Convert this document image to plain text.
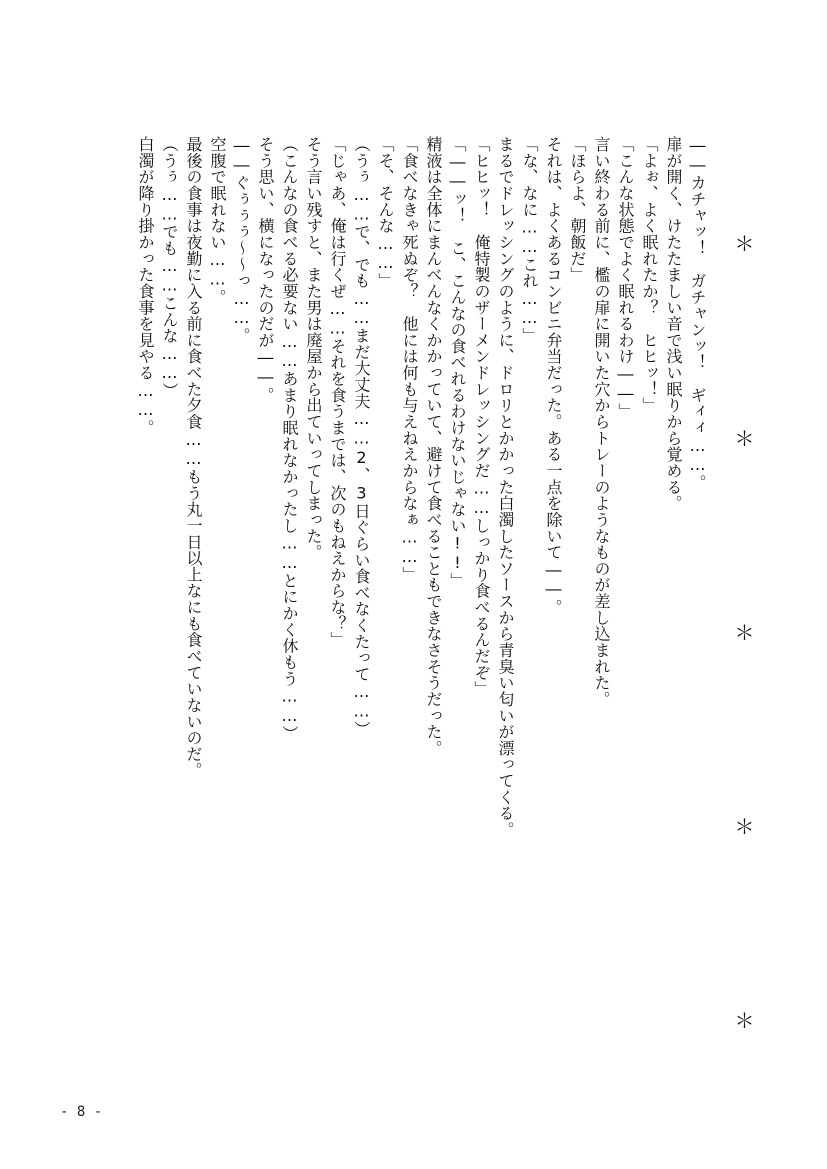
＊＊＊＊＊
――カチャッ！　ガチャンッ！　ギィィ……。
扉が開く、けたたましい音で浅い眠りから覚める。
「よぉ、よく眠れたか？　ヒヒッ！」
「こんな状態でよく眠れるわけ――」
言い終わる前に、檻の扉に開いた穴からトレーのようなものが差し込まれた。
「ほらよ、朝飯だ」
それは、よくあるコンビニ弁当だった。ある一点を除いて――。
「な、なに……これ……」
まるでドレッシングのように、ドロリとかかった白濁したソースから青臭い匂いが漂ってくる。
「ヒヒッ！　俺特製のザーメンドレッシングだ……しっかり食べるんだぞ」
「――ッ！　こ、こんなの食べれるわけないじゃない!!」
精液は全体にまんべんなくかかっていて、避けて食べることもできなさそうだった。
「食べなきゃ死ぬぞ？　他には何も与えねえからなぁ……」
「そ、そんな……」
（うぅ……で、でも……まだ大丈夫……2、3日ぐらい食べなくたって……）
「じゃあ、俺は行くぜ……それを食うまでは、次のもねえからな？」
そう言い残すと、また男は廃屋から出ていってしまった。
（こんなの食べる必要ない……あまり眠れなかったし……とにかく休もう……）
そう思い、横になったのだが――。
――ぐぅぅぅ～～っ……。
空腹で眠れない……。
最後の食事は夜勤に入る前に食べた夕食……もう丸一日以上なにも食べていないのだ。
（うぅ……でも……こんな……）
白濁が降り掛かった食事を見やる……。
- 8 -
